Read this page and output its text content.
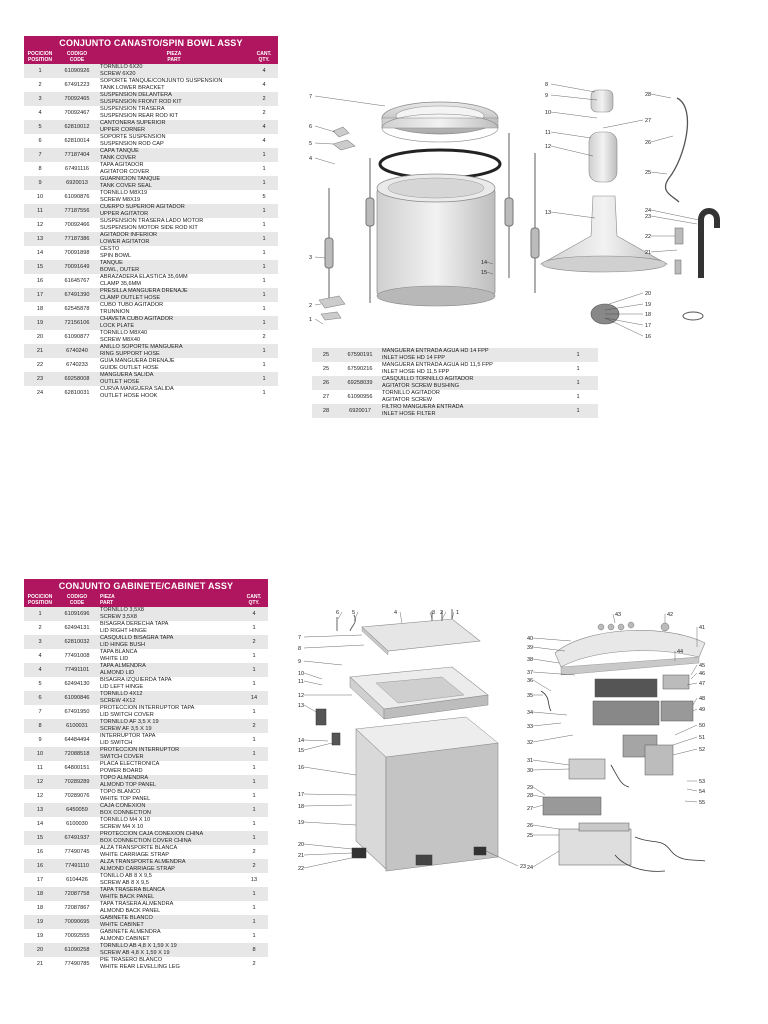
CONJUNTO CANASTO/SPIN BOWL ASSY
POCICION
POSITION	CODIGO
CODE	PIEZA
PART	CANT.
QTY.
1	61090926	TORNILLO 6X20
SCREW 6X20	4
2	67491223	SOPORTE TANQUE/CONJUNTO SUSPENSION
TANK LOWER BRACKET	4
3	70092465	SUSPENSION DELANTERA
SUSPENSION FRONT ROD KIT	2
4	70092467	SUSPENSION TRASERA
SUSPENSION REAR ROD KIT	2
5	62810012	CANTONERA SUPERIOR
UPPER CORNER	4
6	62810014	SOPORTE SUSPENSION
SUSPENSION ROD CAP	4
7	77187404	CAPA TANQUE
TANK COVER	1
8	67491116	TAPA AGITADOR
AGITATOR COVER	1
9	6920013	GUARNICION TANQUE
TANK COVER SEAL	1
10	61090876	TORNILLO M8X19
SCREW M8X19	5
11	77187556	CUERPO SUPERIOR AGITADOR
UPPER AGITATOR	1
12	70092466	SUSPENSION TRASERA LADO MOTOR
SUSPENSION MOTOR SIDE ROD KIT	1
13	77187386	AGITADOR INFERIOR
LOWER AGITATOR	1
14	70091898	CESTO
SPIN BOWL	1
15	70091649	TANQUE
BOWL, OUTER	1
16	61645767	ABRAZADERA ELASTICA 35,6MM
CLAMP 35,6MM	1
17	67491390	PRESILLA MANGUERA DRENAJE
CLAMP OUTLET HOSE	1
18	62545878	CUBO TUBO AGITADOR
TRUNNION	1
19	72156106	CHAVETA CUBO AGITADOR
LOCK PLATE	1
20	61090877	TORNILLO M8X40
SCREW M8X40	2
21	6740240	ANILLO SOPORTE MANGUERA
RING SUPPORT HOSE	1
22	6740233	GUIA MANGUERA DRENAJE
GUIDE OUTLET HOSE	1
23	69258008	MANGUERA SALIDA
OUTLET HOSE	1
24	62810031	CURVA MANGUERA SALIDA
OUTLET HOSE HOOK	1
25	67590191	MANGUERA ENTRADA AGUA HD 14 FPP
INLET HOSE HD 14 FPP	1
25	67590216	MANGUERA ENTRADA AGUA HD 11,5 FPP
INLET HOSE HD 11,5 FPP	1
26	69258039	CASQUILLO TORNILLO AGITADOR
AGITATOR SCREW BUSHING	1
27	61090956	TORNILLO AGITADOR
AGITATOR SCREW	1
28	6920017	FILTRO MANGUERA ENTRADA
INLET HOSE FILTER	1
1
2
3
4
5
6
7
8
9
10
11
12
13
14
15
16
17
18
19
20
21
22
23
24
25
26
27
28
CONJUNTO GABINETE/CABINET ASSY
POCICION
POSITION	CODIGO
CODE	PIEZA
PART	CANT.
QTY.
1	61091696	TORNILLO 3,5X8
SCREW 3,5X8	4
2	62494131	BISAGRA DERECHA TAPA
LID RIGHT HINGE	1
3	62810032	CASQUILLO BISAGRA TAPA
LID HINGE BUSH	2
4	77491008	TAPA BLANCA
WHITE LID	1
4	77491101	TAPA ALMENDRA
ALMOND LID	1
5	62494130	BISAGRA IZQUIERDA TAPA
LID LEFT HINGE	1
6	61090846	TORNILLO 4X12
SCREW 4X12	14
7	67491950	PROTECCION INTERRUPTOR TAPA
LID SWITCH COVER	1
8	6100031	TORNILLO AF 3,5 X 19
SCREW AF 3,5 X 19	2
9	64484494	INTERRUPTOR TAPA
LID SWITCH	1
10	72088518	PROTECCION INTERRUPTOR
SWITCH COVER	1
11	64800151	PLACA ELECTRONICA
POWER BOARD	1
12	70289289	TOPO ALMENDRA
ALMOND TOP PANEL	1
12	70289076	TOPO BLANCO
WHITE TOP PANEL	1
13	6450059	CAJA CONEXION
BOX CONNECTION	1
14	6100030	TORNILLO M4 X 10
SCREW M4 X 10	1
15	67491937	PROTECCION CAJA CONEXION CHINA
BOX CONNECTION COVER CHINA	1
16	77490745	ALZA TRANSPORTE BLANCA
WHITE CARRIAGE STRAP	2
16	77491110	ALZA TRANSPORTE ALMENDRA
ALMOND CARRIAGE STRAP	2
17	6104426	TONILLO AB 8 X 9,5
SCREW AB 8 X 9,5	13
18	72087758	TAPA TRASERA BLANCA
WHITE BACK PANEL	1
18	72087867	TAPA TRASERA ALMENDRA
ALMOND BACK PANEL	1
19	70090695	GABINETE BLANCO
WHITE CABINET	1
19	70092555	GABINETE ALMENDRA
ALMOND CABINET	1
20	61090258	TORNILLO AB 4,8 X 1,59 X 19
SCREW AB 4,8 X 1,59 X 19	8
21	77490785	PIE TRASERO BLANCO
WHITE REAR LEVELLING LEG	2
1
2
3
4
5
6
7
8
9
10
11
12
13
14
15
16
17
18
19
20
21
22	23 24
25
26
27
28
29
30
31
32
33
34
35
36
37
38
39
40
41
42
43
44
45
46
47
48
49
50
51
52
53
54
55
